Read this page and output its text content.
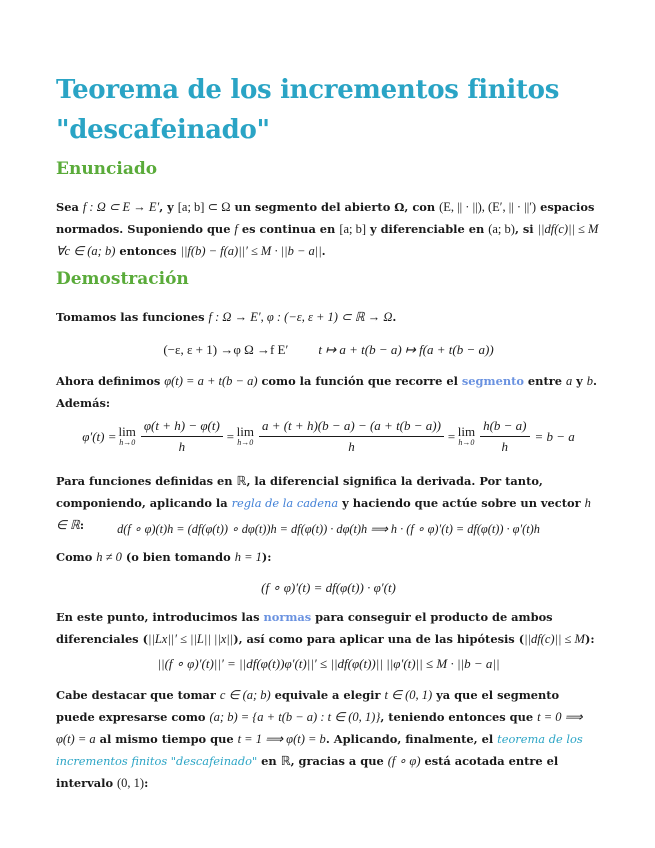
Teorema de los incrementos finitos "descafeinado"
Enunciado

Sea f : Ω ⊂ E → E′, y [a; b] ⊂ Ω un segmento del abierto Ω, con (E, || · ||), (E′, || · ||′) espacios normados. Suponiendo que f es continua en [a; b] y diferenciable en (a; b), si ||df(c)|| ≤ M ∀c ∈ (a; b) entonces ||f(b) − f(a)||′ ≤ M · ||b − a||.

Demostración

Tomamos las funciones f : Ω → E′, φ : (−ε, ε + 1) ⊂ ℝ → Ω.

(−ε, ε + 1) →φ Ω →f E′ t ↦ a + t(b − a) ↦ f(a + t(b − a))

Ahora definimos φ(t) = a + t(b − a) como la función que recorre el segmento entre a y b. Además:

φ′(t) = lim
$h\to 0 \frac{\varphi(t + h) - \varphi(t)}{h} = \lim$
$h\to 0 \frac{a + (t + h)(b - a) - (a + t(b - a))}{h} = \lim$
$h\to 0 \frac{h(b - a)}{h} = b - a$

Para funciones definidas en ℝ, la diferencial significa la derivada. Por tanto, componiendo, aplicando la regla de la cadena y haciendo que actúe sobre un vector h ∈ ℝ:	d(f ∘ φ)(t)h = (df(φ(t)) ∘ dφ(t))h = df(φ(t)) · dφ(t)h ⟹ h · (f ∘ φ)′(t) = df(φ(t)) · φ′(t)h

Como h ≠ 0 (o bien tomando h = 1):

(f ∘ φ)′(t) = df(φ(t)) · φ′(t)

En este punto, introducimos las normas para conseguir el producto de ambos diferenciales (||Lx||′ ≤ ||L|| ||x||), así como para aplicar una de las hipótesis (||df(c)|| ≤ M):

||(f ∘ φ)′(t)||′ = ||df(φ(t))φ′(t)||′ ≤ ||df(φ(t))|| ||φ′(t)|| ≤ M · ||b − a||

Cabe destacar que tomar c ∈ (a; b) equivale a elegir t ∈ (0, 1) ya que el segmento puede expresarse como (a; b) = {a + t(b − a) : t ∈ (0, 1)}, teniendo entonces que t = 0 ⟹ φ(t) = a al mismo tiempo que t = 1 ⟹ φ(t) = b. Aplicando, finalmente, el teorema de los incrementos finitos "descafeinado" en ℝ, gracias a que (f ∘ φ) está acotada entre el intervalo (0, 1):
